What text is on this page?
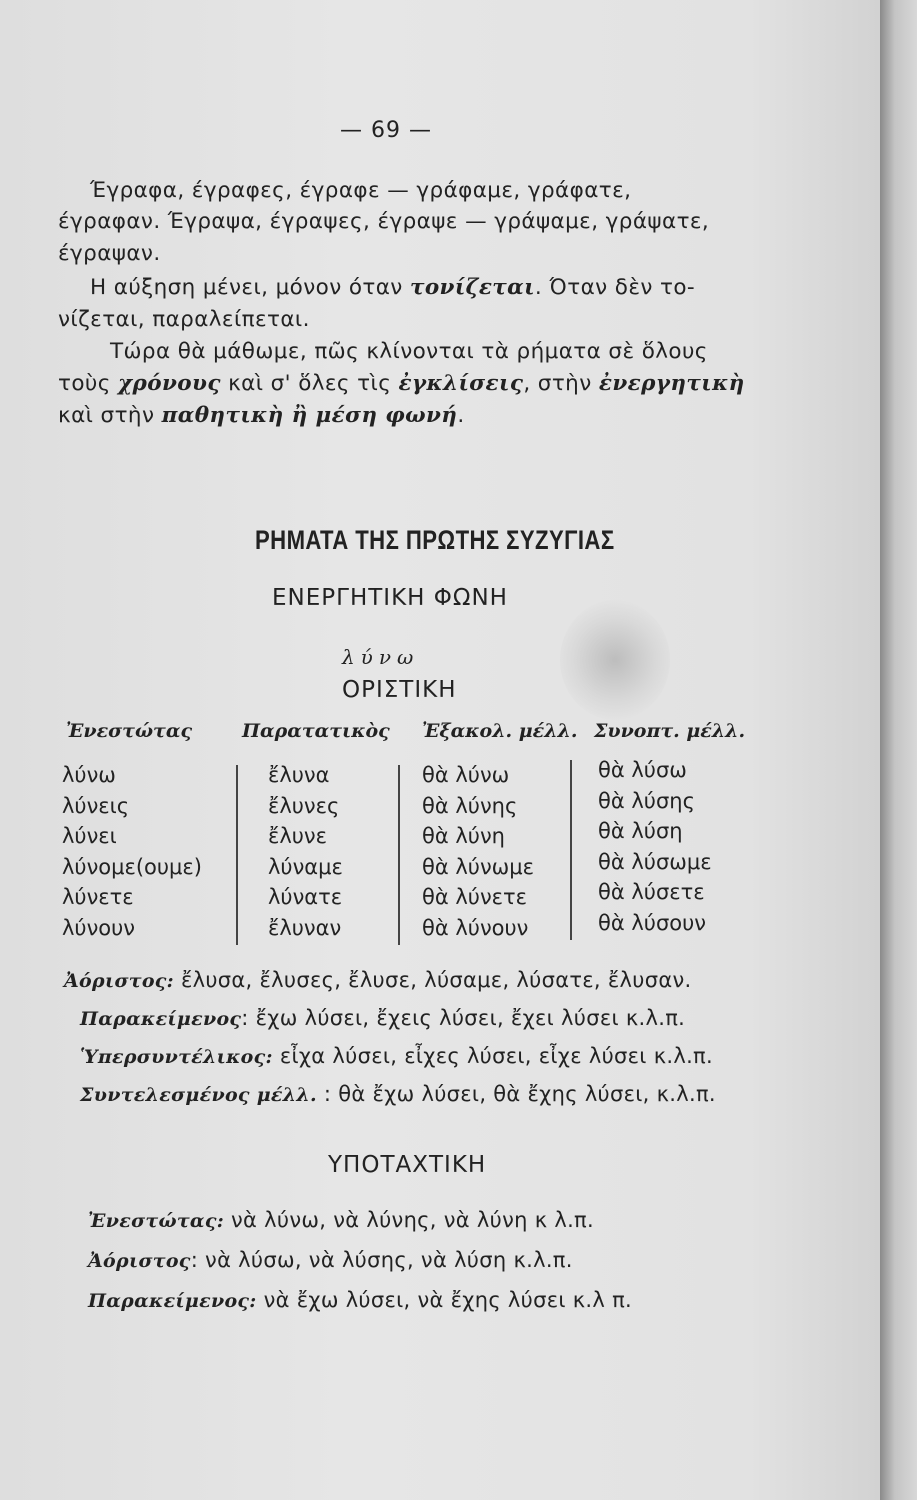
— 69 —
Έγραφα, έγραφες, έγραφε — γράφαμε, γράφατε,
έγραφαν. Έγραψα, έγραψες, έγραψε — γράψαμε, γράψατε,
έγραψαν.
Η αύξηση μένει, μόνον όταν τονίζεται. Όταν δὲν το-
νίζεται, παραλείπεται.
Τώρα θὰ μάθωμε, πῶς κλίνονται τὰ ρήματα σὲ ὅλους
τοὺς χρόνους καὶ σ' ὅλες τὶς ἐγκλίσεις, στὴν ἐνεργητικὴ
καὶ στὴν παθητικὴ ἢ μέση φωνή.
ΡΗΜΑΤΑ ΤΗΣ ΠΡΩΤΗΣ ΣΥΖΥΓΙΑΣ
ΕΝΕΡΓΗΤΙΚΗ ΦΩΝΗ
λύνω
ΟΡΙΣΤΙΚΗ
Ἐνεστώτας	Παρατατικὸς Ἐξακολ. μέλλ. Συνοπτ. μέλλ.
λύνω
λύνεις
λύνει
λύνομε(ουμε)
λύνετε
λύνουν
ἔλυνα
ἔλυνες
ἔλυνε
λύναμε
λύνατε
ἔλυναν
θὰ λύνω
θὰ λύνης
θὰ λύνη
θὰ λύνωμε
θὰ λύνετε
θὰ λύνουν
θὰ λύσω
θὰ λύσης
θὰ λύση
θὰ λύσωμε
θὰ λύσετε
θὰ λύσουν
Ἀόριστος: ἔλυσα, ἔλυσες, ἔλυσε, λύσαμε, λύσατε, ἔλυσαν.
Παρακείμενος: ἔχω λύσει, ἔχεις λύσει, ἔχει λύσει κ.λ.π.
Ὑπερσυντέλικος: εἶχα λύσει, εἶχες λύσει, εἶχε λύσει κ.λ.π.
Συντελεσμένος μέλλ. : θὰ ἔχω λύσει, θὰ ἔχης λύσει, κ.λ.π.
ΥΠΟΤΑΧΤΙΚΗ
Ἐνεστώτας: νὰ λύνω, νὰ λύνης, νὰ λύνη κ λ.π.
Ἀόριστος: νὰ λύσω, νὰ λύσης, νὰ λύση κ.λ.π.
Παρακείμενος: νὰ ἔχω λύσει, νὰ ἔχης λύσει κ.λ π.
